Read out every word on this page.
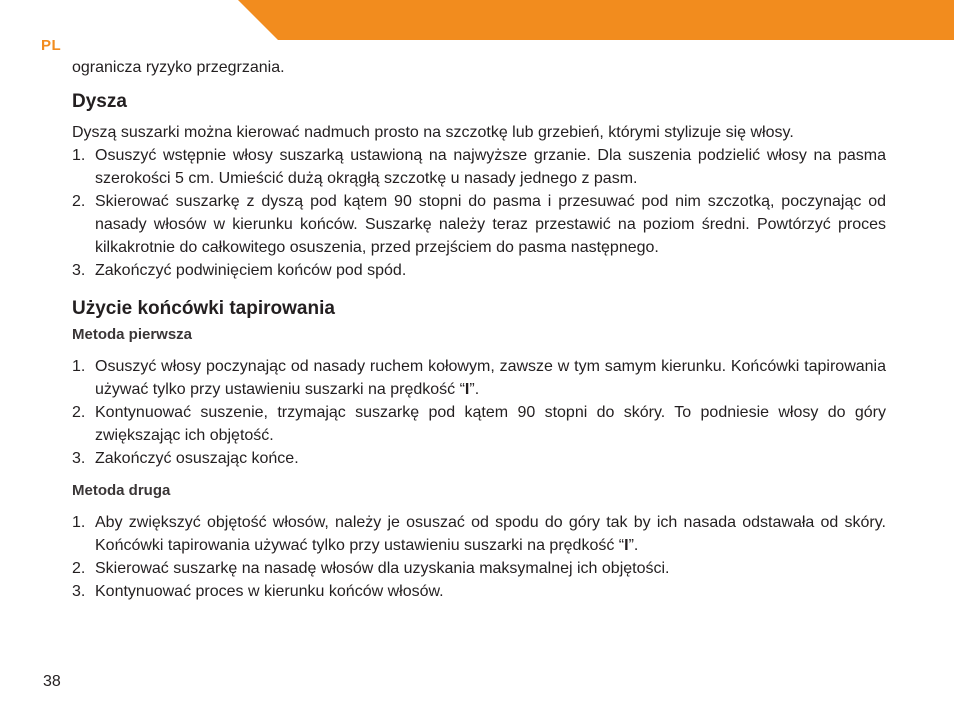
PL

ogranicza ryzyko przegrzania.

Dysza

Dyszą suszarki można kierować nadmuch prosto na szczotkę lub grzebień, którymi stylizuje się włosy.

1. Osuszyć wstępnie włosy suszarką ustawioną na najwyższe grzanie. Dla suszenia podzielić włosy na pasma szerokości 5 cm. Umieścić dużą okrągłą szczotkę u nasady jednego z pasm.
2. Skierować suszarkę z dyszą pod kątem 90 stopni do pasma i przesuwać pod nim szczotką, poczynając od nasady włosów w kierunku końców. Suszarkę należy teraz przestawić na poziom średni. Powtórzyć proces kilkakrotnie do całkowitego osuszenia, przed przejściem do pasma następnego.
3. Zakończyć podwinięciem końców pod spód.
Użycie końcówki tapirowania
Metoda pierwsza
1. Osuszyć włosy poczynając od nasady ruchem kołowym, zawsze w tym samym kierunku. Końcówki tapirowania używać tylko przy ustawieniu suszarki na prędkość “I”.
2. Kontynuować suszenie, trzymając suszarkę pod kątem 90 stopni do skóry. To podniesie włosy do góry zwiększając ich objętość.
3. Zakończyć osuszając końce.
Metoda druga
1. Aby zwiększyć objętość włosów, należy je osuszać od spodu do góry tak by ich nasada odstawała od skóry. Końcówki tapirowania używać tylko przy ustawieniu suszarki na prędkość “I”.
2. Skierować suszarkę na nasadę włosów dla uzyskania maksymalnej ich objętości.
3. Kontynuować proces w kierunku końców włosów.
38
